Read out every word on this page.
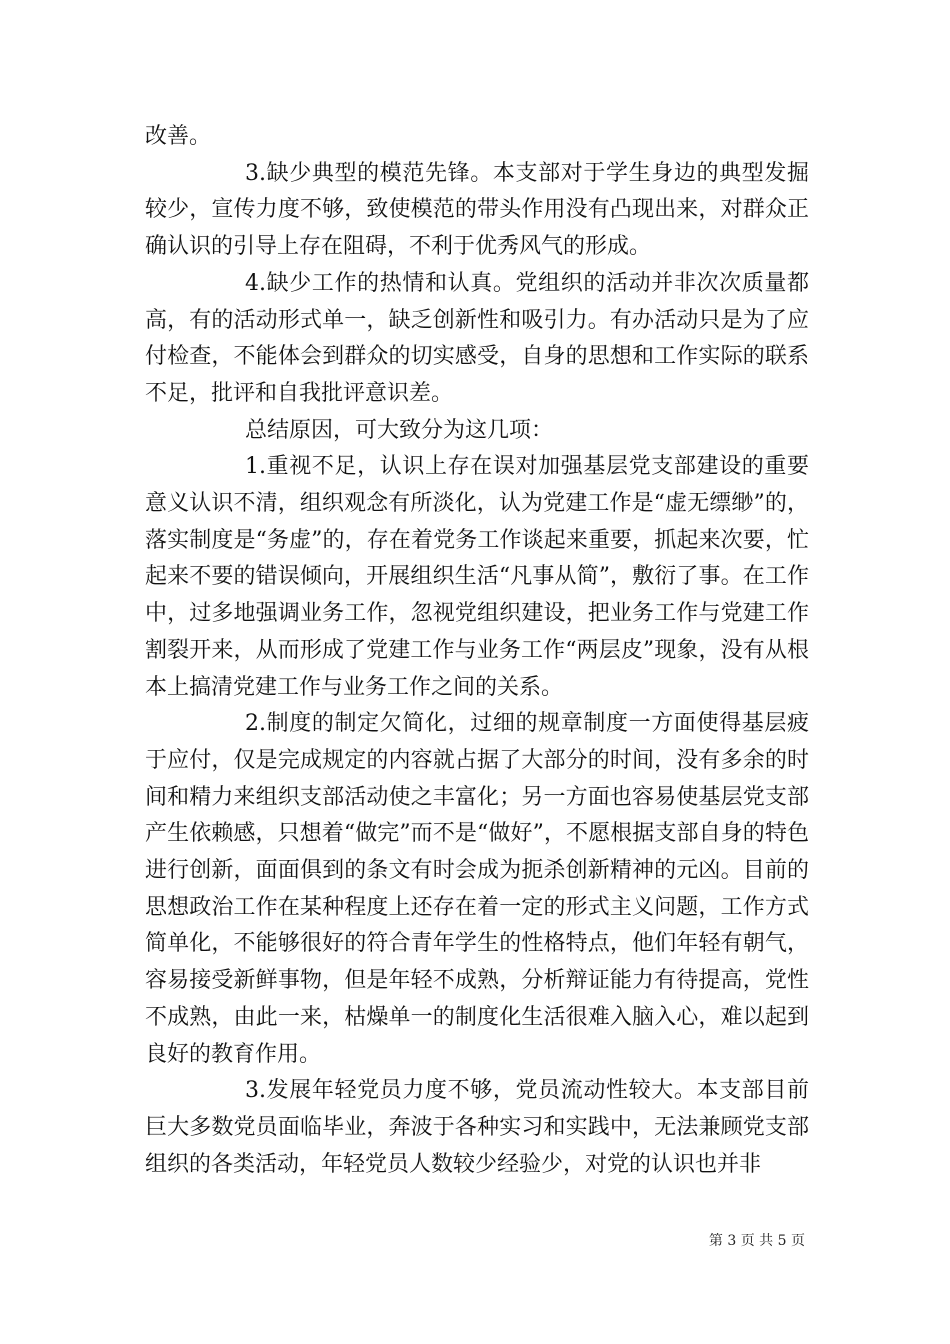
改善。

3.缺少典型的模范先锋。本支部对于学生身边的典型发掘较少，宣传力度不够，致使模范的带头作用没有凸现出来，对群众正确认识的引导上存在阻碍，不利于优秀风气的形成。

4.缺少工作的热情和认真。党组织的活动并非次次质量都高，有的活动形式单一，缺乏创新性和吸引力。有办活动只是为了应付检查，不能体会到群众的切实感受，自身的思想和工作实际的联系不足，批评和自我批评意识差。

总结原因，可大致分为这几项：

1.重视不足，认识上存在误对加强基层党支部建设的重要意义认识不清，组织观念有所淡化，认为党建工作是“虚无缥缈”的，落实制度是“务虚”的，存在着党务工作谈起来重要，抓起来次要，忙起来不要的错误倾向，开展组织生活“凡事从简”，敷衍了事。在工作中，过多地强调业务工作，忽视党组织建设，把业务工作与党建工作割裂开来，从而形成了党建工作与业务工作“两层皮”现象，没有从根本上搞清党建工作与业务工作之间的关系。

2.制度的制定欠简化，过细的规章制度一方面使得基层疲于应付，仅是完成规定的内容就占据了大部分的时间，没有多余的时间和精力来组织支部活动使之丰富化；另一方面也容易使基层党支部产生依赖感，只想着“做完”而不是“做好”，不愿根据支部自身的特色进行创新，面面俱到的条文有时会成为扼杀创新精神的元凶。目前的思想政治工作在某种程度上还存在着一定的形式主义问题，工作方式简单化，不能够很好的符合青年学生的性格特点，他们年轻有朝气，容易接受新鲜事物，但是年轻不成熟，分析辩证能力有待提高，党性不成熟，由此一来，枯燥单一的制度化生活很难入脑入心，难以起到良好的教育作用。

3.发展年轻党员力度不够，党员流动性较大。本支部目前巨大多数党员面临毕业，奔波于各种实习和实践中，无法兼顾党支部组织的各类活动，年轻党员人数较少经验少，对党的认识也并非

第 3 页 共 5 页
